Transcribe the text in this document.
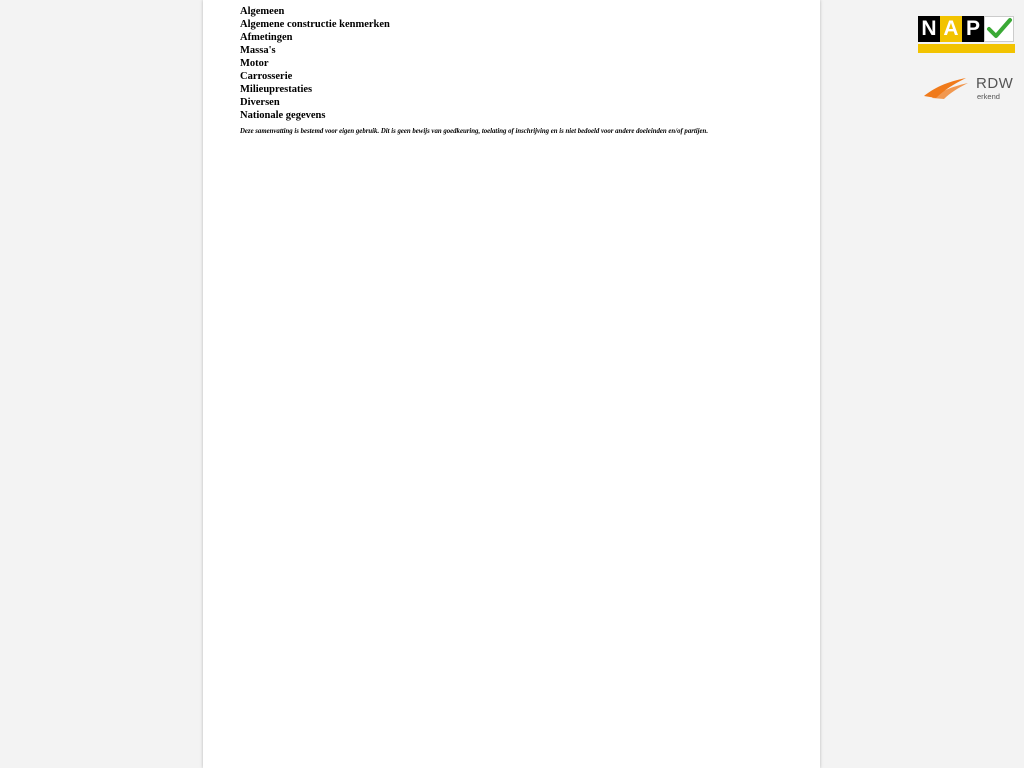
Algemeen

Algemene constructie kenmerken

Afmetingen

Massa's

Motor

Carrosserie

Milieuprestaties

Diversen

Nationale gegevens

Deze samenvatting is bestemd voor eigen gebruik. Dit is geen bewijs van goedkeuring, toelating of inschrijving en is niet bedoeld voor andere doeleinden en/of partijen.
N A P
RDW
erkend
